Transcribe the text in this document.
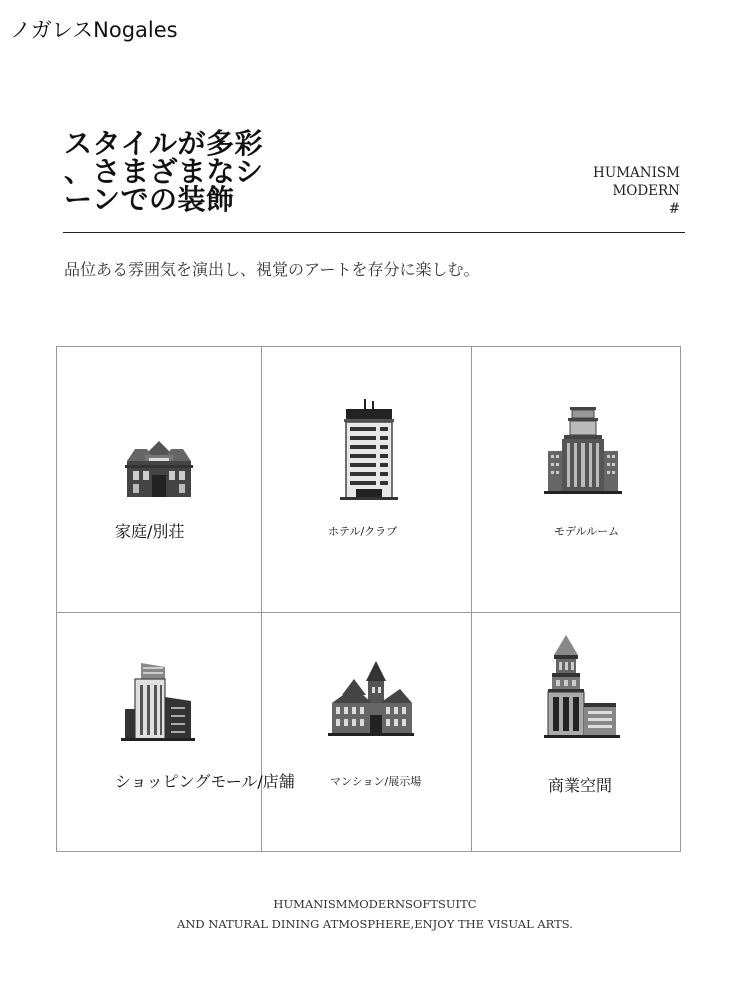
ノガレスNogales
スタイルが多彩
、さまざまなシ
ーンでの装飾
HUMANISM
MODERN
#
品位ある雰囲気を演出し、視覚のアートを存分に楽しむ。
家庭/別荘	ホテル/クラブ	モデルルーム
ショッピングモール/店舗	マンション/展示場	商業空間
HUMANISMMODERNSOFTSUITC
AND NATURAL DINING ATMOSPHERE,ENJOY THE VISUAL ARTS.
